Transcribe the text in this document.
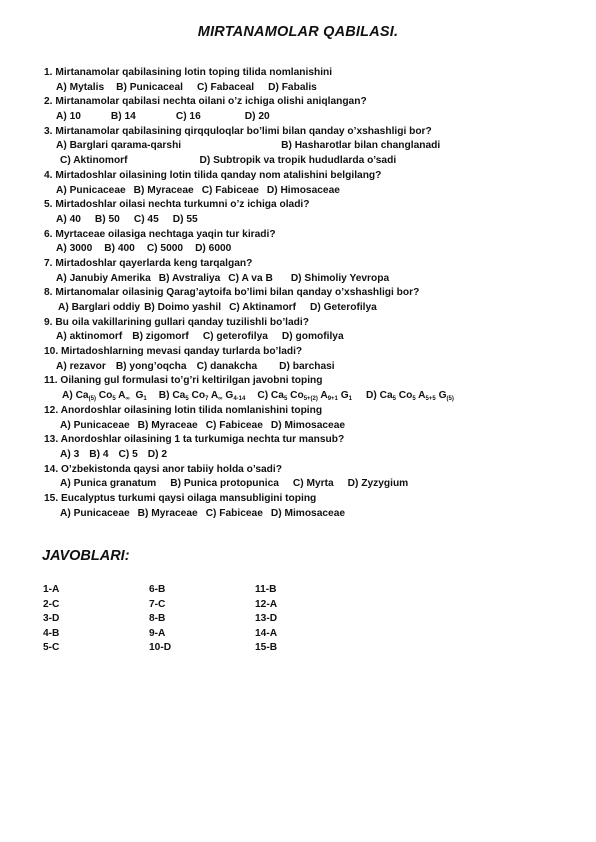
MIRTANAMOLAR QABILASI.
1. Mirtanamolar qabilasining lotin toping tilida nomlanishini
A) Mytalis B) Punicaceal C) Fabaceal D) Fabalis
2. Mirtanamolar qabilasi nechta oilani o’z ichiga olishi aniqlangan?
A) 10	B) 14	C) 16	D) 20
3. Mirtanamolar qabilasining qirqquloqlar bo’limi bilan qanday o’xshashligi bor?
A) Barglari qarama-qarshi	B) Hasharotlar bilan changlanadi
C) Aktinomorf	D) Subtropik va tropik hududlarda o’sadi
4. Mirtadoshlar oilasining lotin tilida qanday nom atalishini belgilang?
A) Punicaceae B) Myraceae C) Fabiceae D) Himosaceae
5. Mirtadoshlar oilasi nechta turkumni o’z ichiga oladi?
A) 40 B) 50 C) 45 D) 55
6. Myrtaceae oilasiga nechtaga yaqin tur kiradi?
A) 3000 B) 400 C) 5000 D) 6000
7. Mirtadoshlar qayerlarda keng tarqalgan?
A) Janubiy Amerika B) Avstraliya C) A va B D) Shimoliy Yevropa
8. Mirtanomalar oilasinig Qarag’aytoifa bo’limi bilan qanday o’xshashligi bor?
A) Barglari oddiy B) Doimo yashil C) Aktinamorf D) Geterofilya
9. Bu oila vakillarining gullari qanday tuzilishli bo’ladi?
A) aktinomorf B) zigomorf C) geterofilya D) gomofilya
10. Mirtadoshlarning mevasi qanday turlarda bo’ladi?
A) rezavor B) yong’oqcha C) danakcha D) barchasi
11. Oilaning gul formulasi to’g’ri keltirilgan javobni toping
A) Ca(5) Co5 A∞  G1 B) Ca5 Co7 A∞ G4-14 C) Ca5 Co5+(2) A9+1 G1 D) Ca5 Co5 A5+5 G(5)
12. Anordoshlar oilasining lotin tilida nomlanishini toping
A) Punicaceae B) Myraceae C) Fabiceae D) Mimosaceae
13. Anordoshlar oilasining 1 ta turkumiga nechta tur mansub?
A) 3 B) 4 C) 5 D) 2
14. O’zbekistonda qaysi anor tabiiy holda o’sadi?
A) Punica granatum B) Punica protopunica C) Myrta D) Zyzygium
15. Eucalyptus turkumi qaysi oilaga mansubligini toping
A) Punicaceae B) Myraceae C) Fabiceae D) Mimosaceae
JAVOBLARI:
1-A	6-B	11-B
2-C	7-C	12-A
3-D	8-B	13-D
4-B	9-A	14-A
5-C	10-D	15-B
